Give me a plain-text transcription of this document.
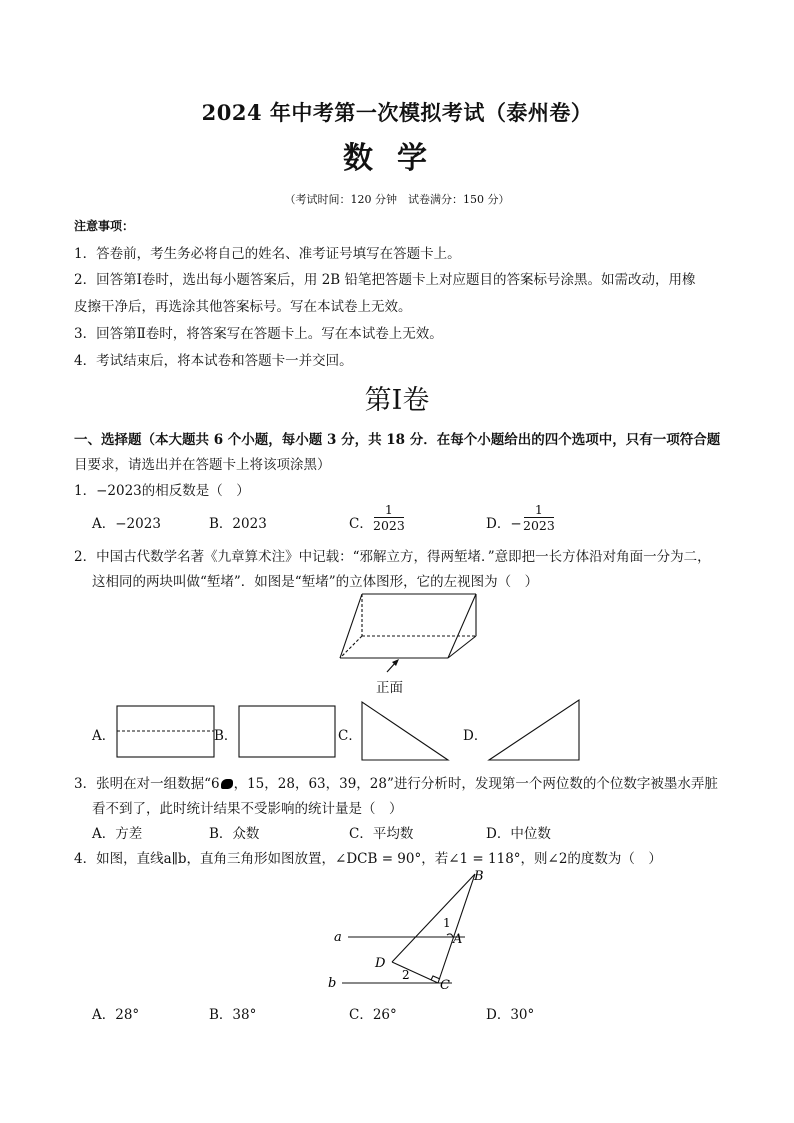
2024 年中考第一次模拟考试（泰州卷）
数学
（考试时间：120 分钟　试卷满分：150 分）
注意事项：
1．答卷前，考生务必将自己的姓名、准考证号填写在答题卡上。
2．回答第Ⅰ卷时，选出每小题答案后，用 2B 铅笔把答题卡上对应题目的答案标号涂黑。如需改动，用橡
皮擦干净后，再选涂其他答案标号。写在本试卷上无效。
3．回答第Ⅱ卷时，将答案写在答题卡上。写在本试卷上无效。
4．考试结束后，将本试卷和答题卡一并交回。
第Ⅰ卷
一、选择题（本大题共 6 个小题，每小题 3 分，共 18 分．在每个小题给出的四个选项中，只有一项符合题
目要求，请选出并在答题卡上将该项涂黑）
1．−2023的相反数是（　）
A．−2023	B．2023	C．
1
2023	D．−
1
2023
2．中国古代数学名著《九章算术注》中记载：“邪解立方，得两堑堵．”意即把一长方体沿对角面一分为二，
这相同的两块叫做“堑堵”．如图是“堑堵”的立体图形，它的左视图为（　）
正面
A．	B．	C．	D．
3．张明在对一组数据“6 ，15，28，63，39，28”进行分析时，发现第一个两位数的个位数字被墨水弄脏
看不到了，此时统计结果不受影响的统计量是（　）
A．方差	B．众数	C．平均数	D．中位数
4．如图，直线a∥b，直角三角形如图放置，∠DCB = 90°，若∠1 = 118°，则∠2的度数为（　）
a
b
B
A
D
C
1
2
A．28°	B．38°	C．26°	D．30°
